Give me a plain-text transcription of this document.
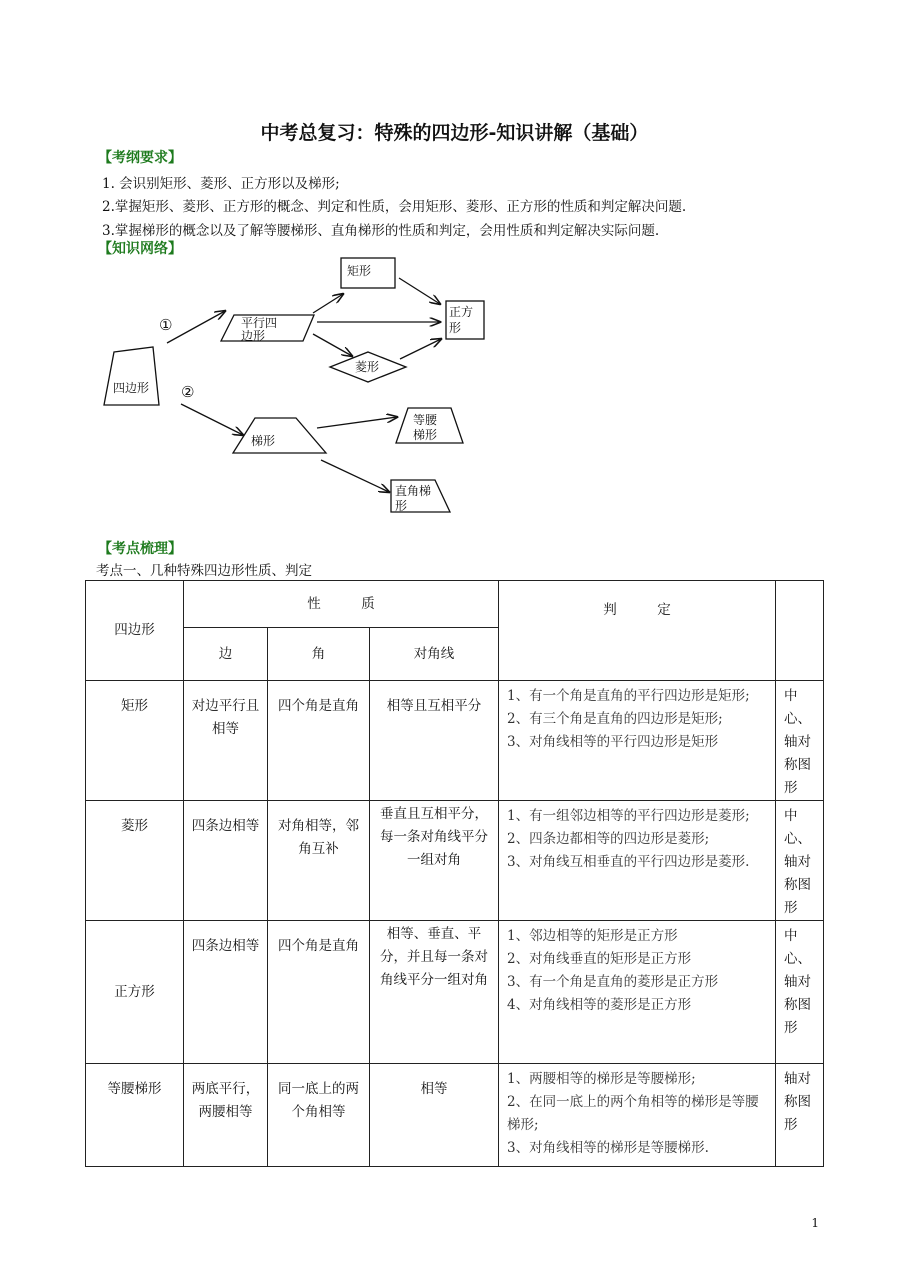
中考总复习：特殊的四边形-知识讲解（基础）
【考纲要求】
1. 会识别矩形、菱形、正方形以及梯形;
2.掌握矩形、菱形、正方形的概念、判定和性质，会用矩形、菱形、正方形的性质和判定解决问题.
3.掌握梯形的概念以及了解等腰梯形、直角梯形的性质和判定，会用性质和判定解决实际问题.
【知识网络】
四边形
平行四
边形
矩形
正方
形
菱形
梯形
等腰
梯形
直角梯
形
①
②
【考点梳理】
考点一、几种特殊四边形性质、判定
四边形	性　　　质			判　　　定	
	边	角	对角线		
矩形	对边平行且相等	四个角是直角	相等且互相平分	1、有一个角是直角的平行四边形是矩形;
2、有三个角是直角的四边形是矩形;
3、对角线相等的平行四边形是矩形	中心、轴对称图形
菱形	四条边相等	对角相等，邻角互补	垂直且互相平分，每一条对角线平分一组对角	1、有一组邻边相等的平行四边形是菱形;
2、四条边都相等的四边形是菱形;
3、对角线互相垂直的平行四边形是菱形.	中心、轴对称图形
正方形	四条边相等	四个角是直角	相等、垂直、平分，并且每一条对角线平分一组对角	1、邻边相等的矩形是正方形
2、对角线垂直的矩形是正方形
3、有一个角是直角的菱形是正方形
4、对角线相等的菱形是正方形	中心、轴对称图形
等腰梯形	两底平行，两腰相等	同一底上的两个角相等	相等	1、两腰相等的梯形是等腰梯形;
2、在同一底上的两个角相等的梯形是等腰梯形;
3、对角线相等的梯形是等腰梯形.	轴对称图形
1
